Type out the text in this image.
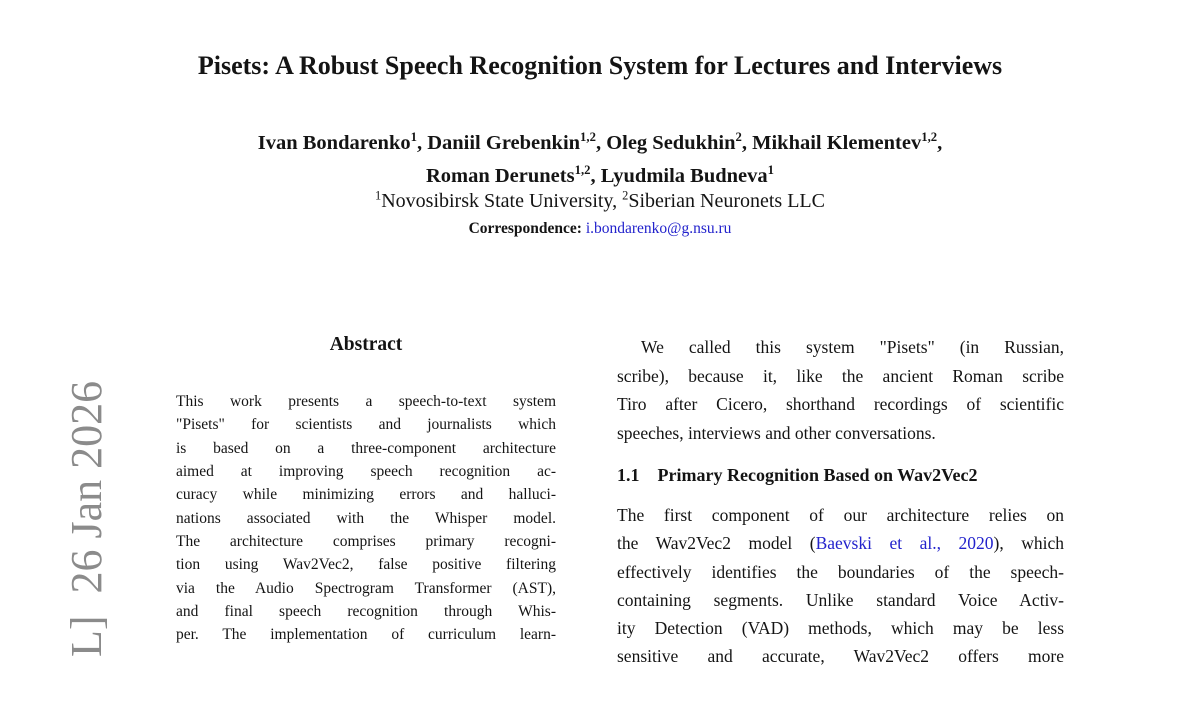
L]  26 Jan 2026
Pisets: A Robust Speech Recognition System for Lectures and Interviews
Ivan Bondarenko$^1$, Daniil Grebenkin$^{1,2}$, Oleg Sedukhin$^2$, Mikhail Klementev$^{1,2}$,
Roman Derunets$^{1,2}$, Lyudmila Budneva$^1$
$^1$Novosibirsk State University, $^2$Siberian Neuronets LLC
Correspondence: i.bondarenko@g.nsu.ru
Abstract
This work presents a speech-to-text system
"Pisets" for scientists and journalists which
is based on a three-component architecture
aimed at improving speech recognition ac-
curacy while minimizing errors and halluci-
nations associated with the Whisper model.
The architecture comprises primary recogni-
tion using Wav2Vec2, false positive filtering
via the Audio Spectrogram Transformer (AST),
and final speech recognition through Whis-
per. The implementation of curriculum learn-
We called this system "Pisets" (in Russian,
scribe), because it, like the ancient Roman scribe
Tiro after Cicero, shorthand recordings of scientific
speeches, interviews and other conversations.
1.1 Primary Recognition Based on Wav2Vec2
The first component of our architecture relies on
the Wav2Vec2 model (Baevski et al., 2020), which
effectively identifies the boundaries of the speech-
containing segments. Unlike standard Voice Activ-
ity Detection (VAD) methods, which may be less
sensitive and accurate, Wav2Vec2 offers more
